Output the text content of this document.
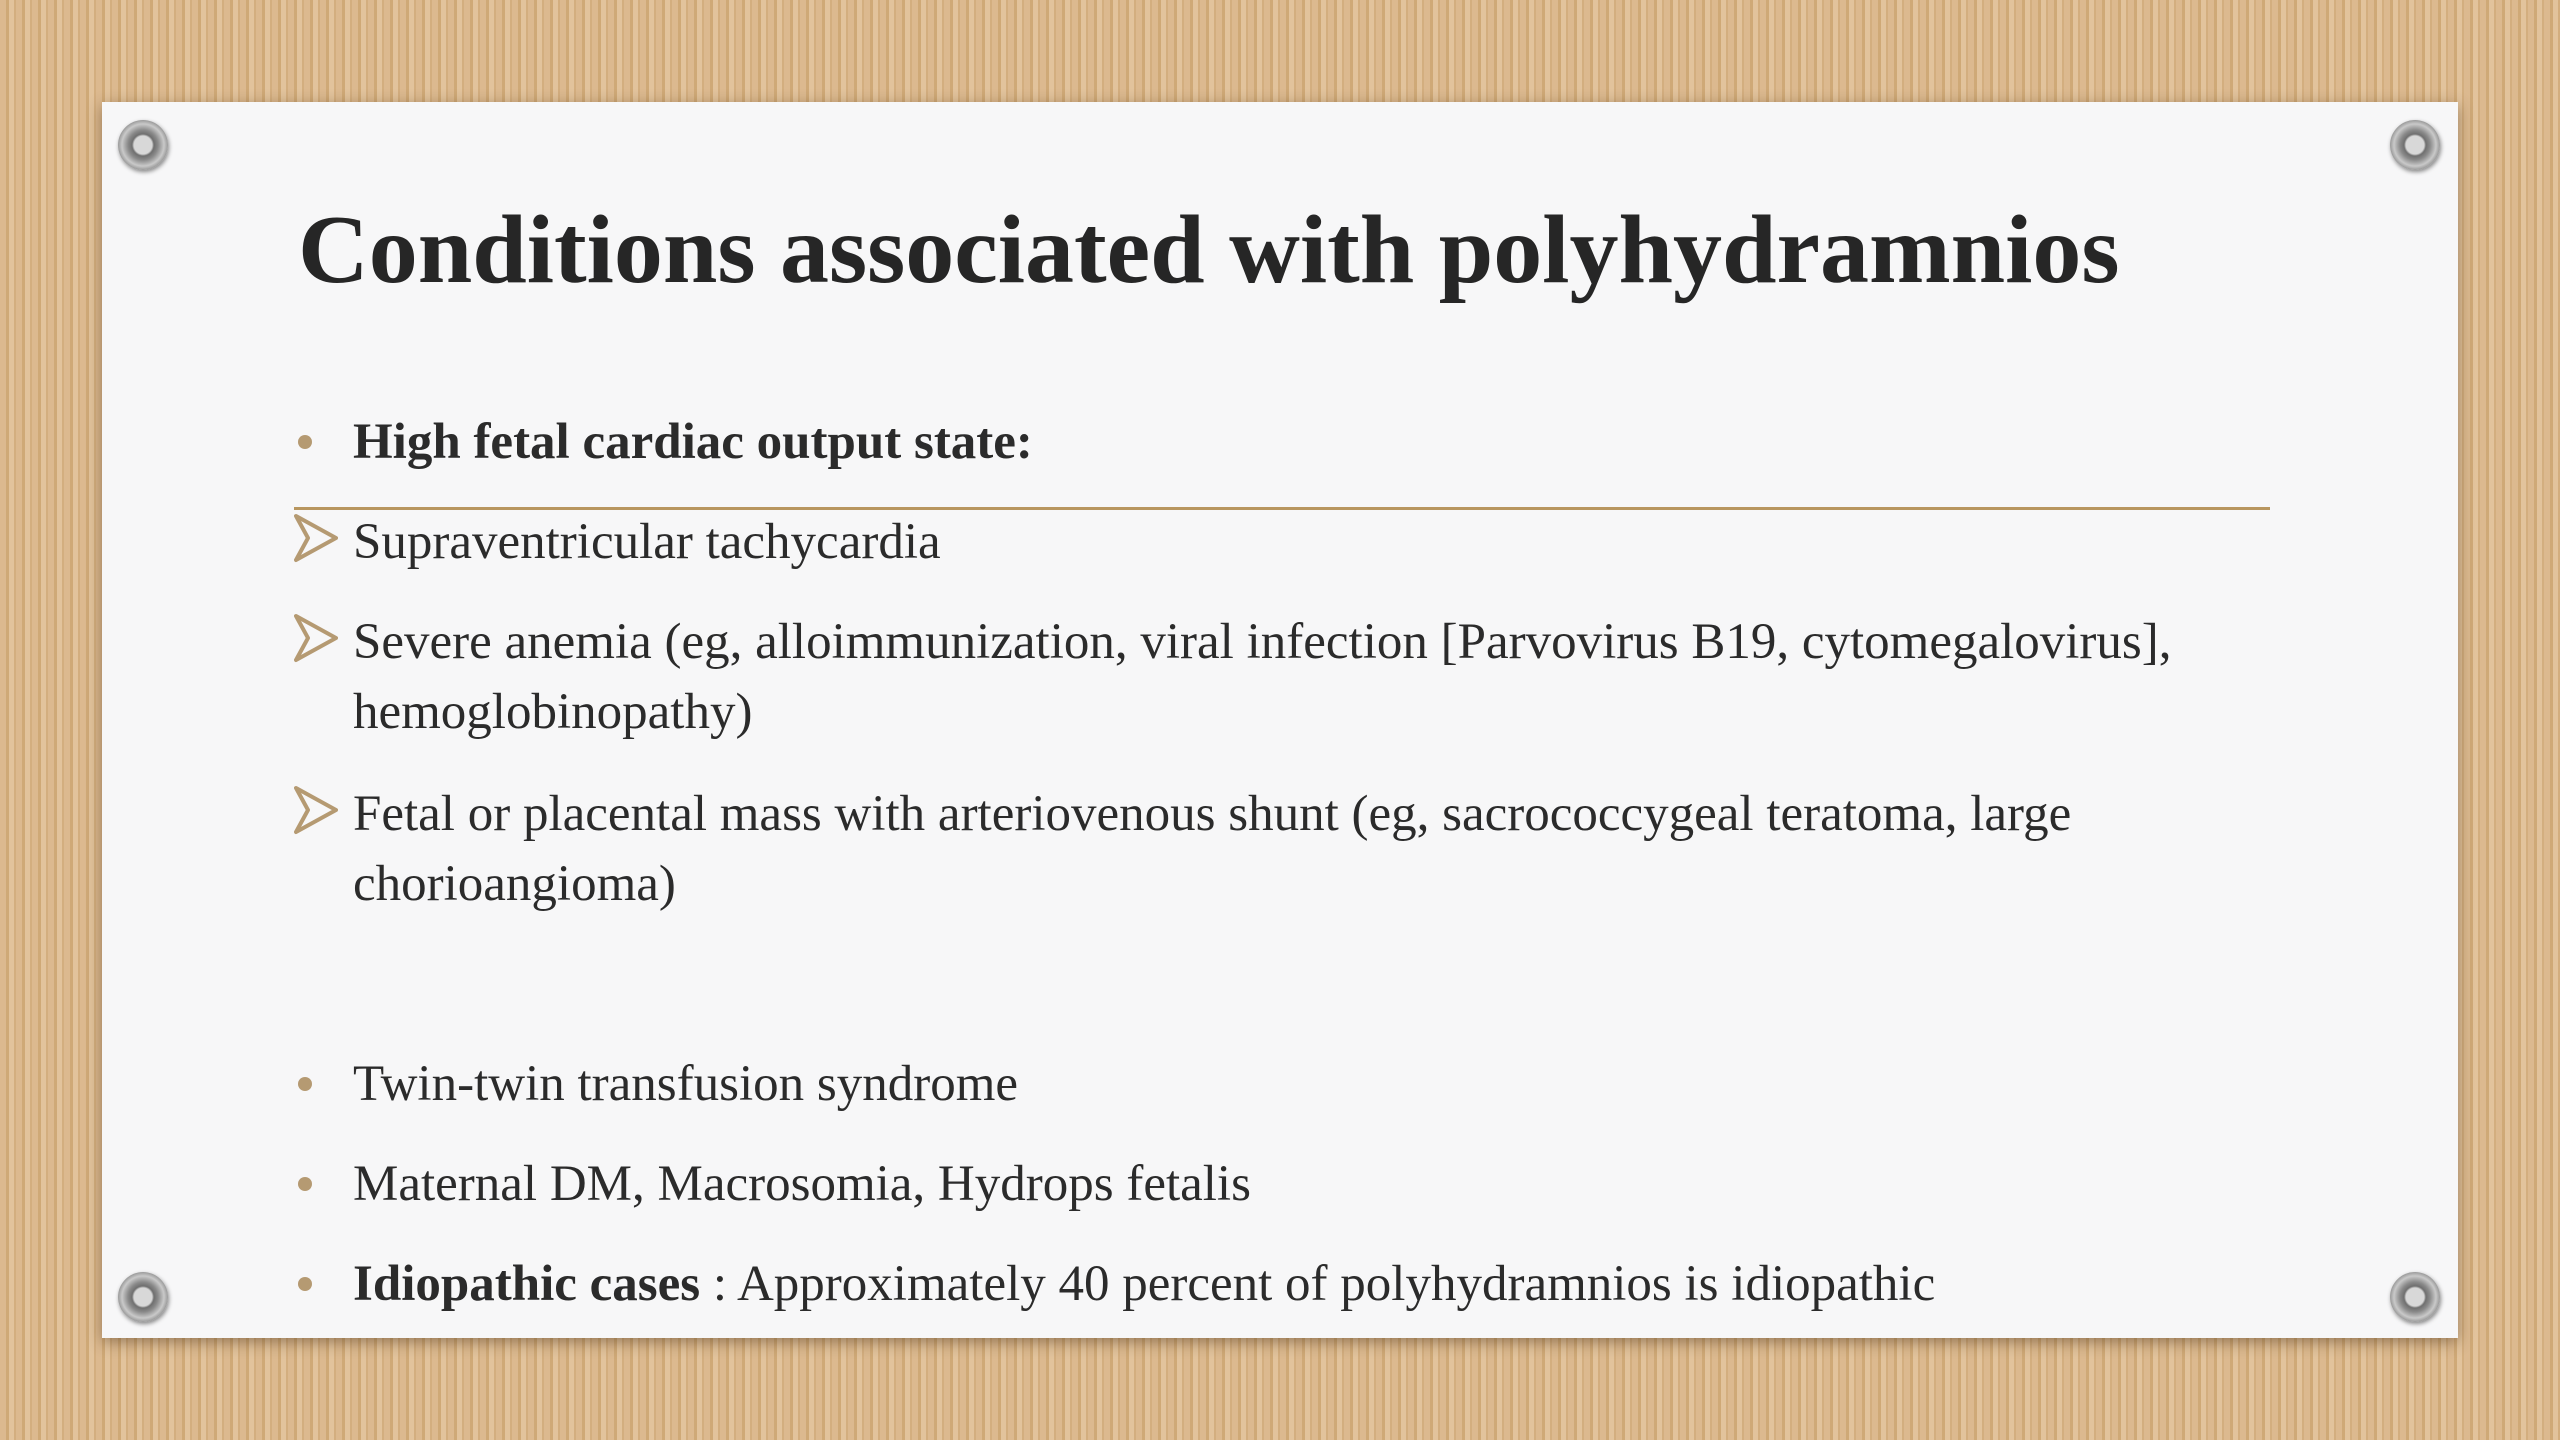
Conditions associated with polyhydramnios
High fetal cardiac output state:
Supraventricular tachycardia
Severe anemia (eg, alloimmunization, viral infection [Parvovirus B19, cytomegalovirus], hemoglobinopathy)
Fetal or placental mass with arteriovenous shunt (eg, sacrococcygeal teratoma, large chorioangioma)
Twin-twin transfusion syndrome
Maternal DM, Macrosomia, Hydrops fetalis
Idiopathic cases : Approximately 40 percent of polyhydramnios is idiopathic
